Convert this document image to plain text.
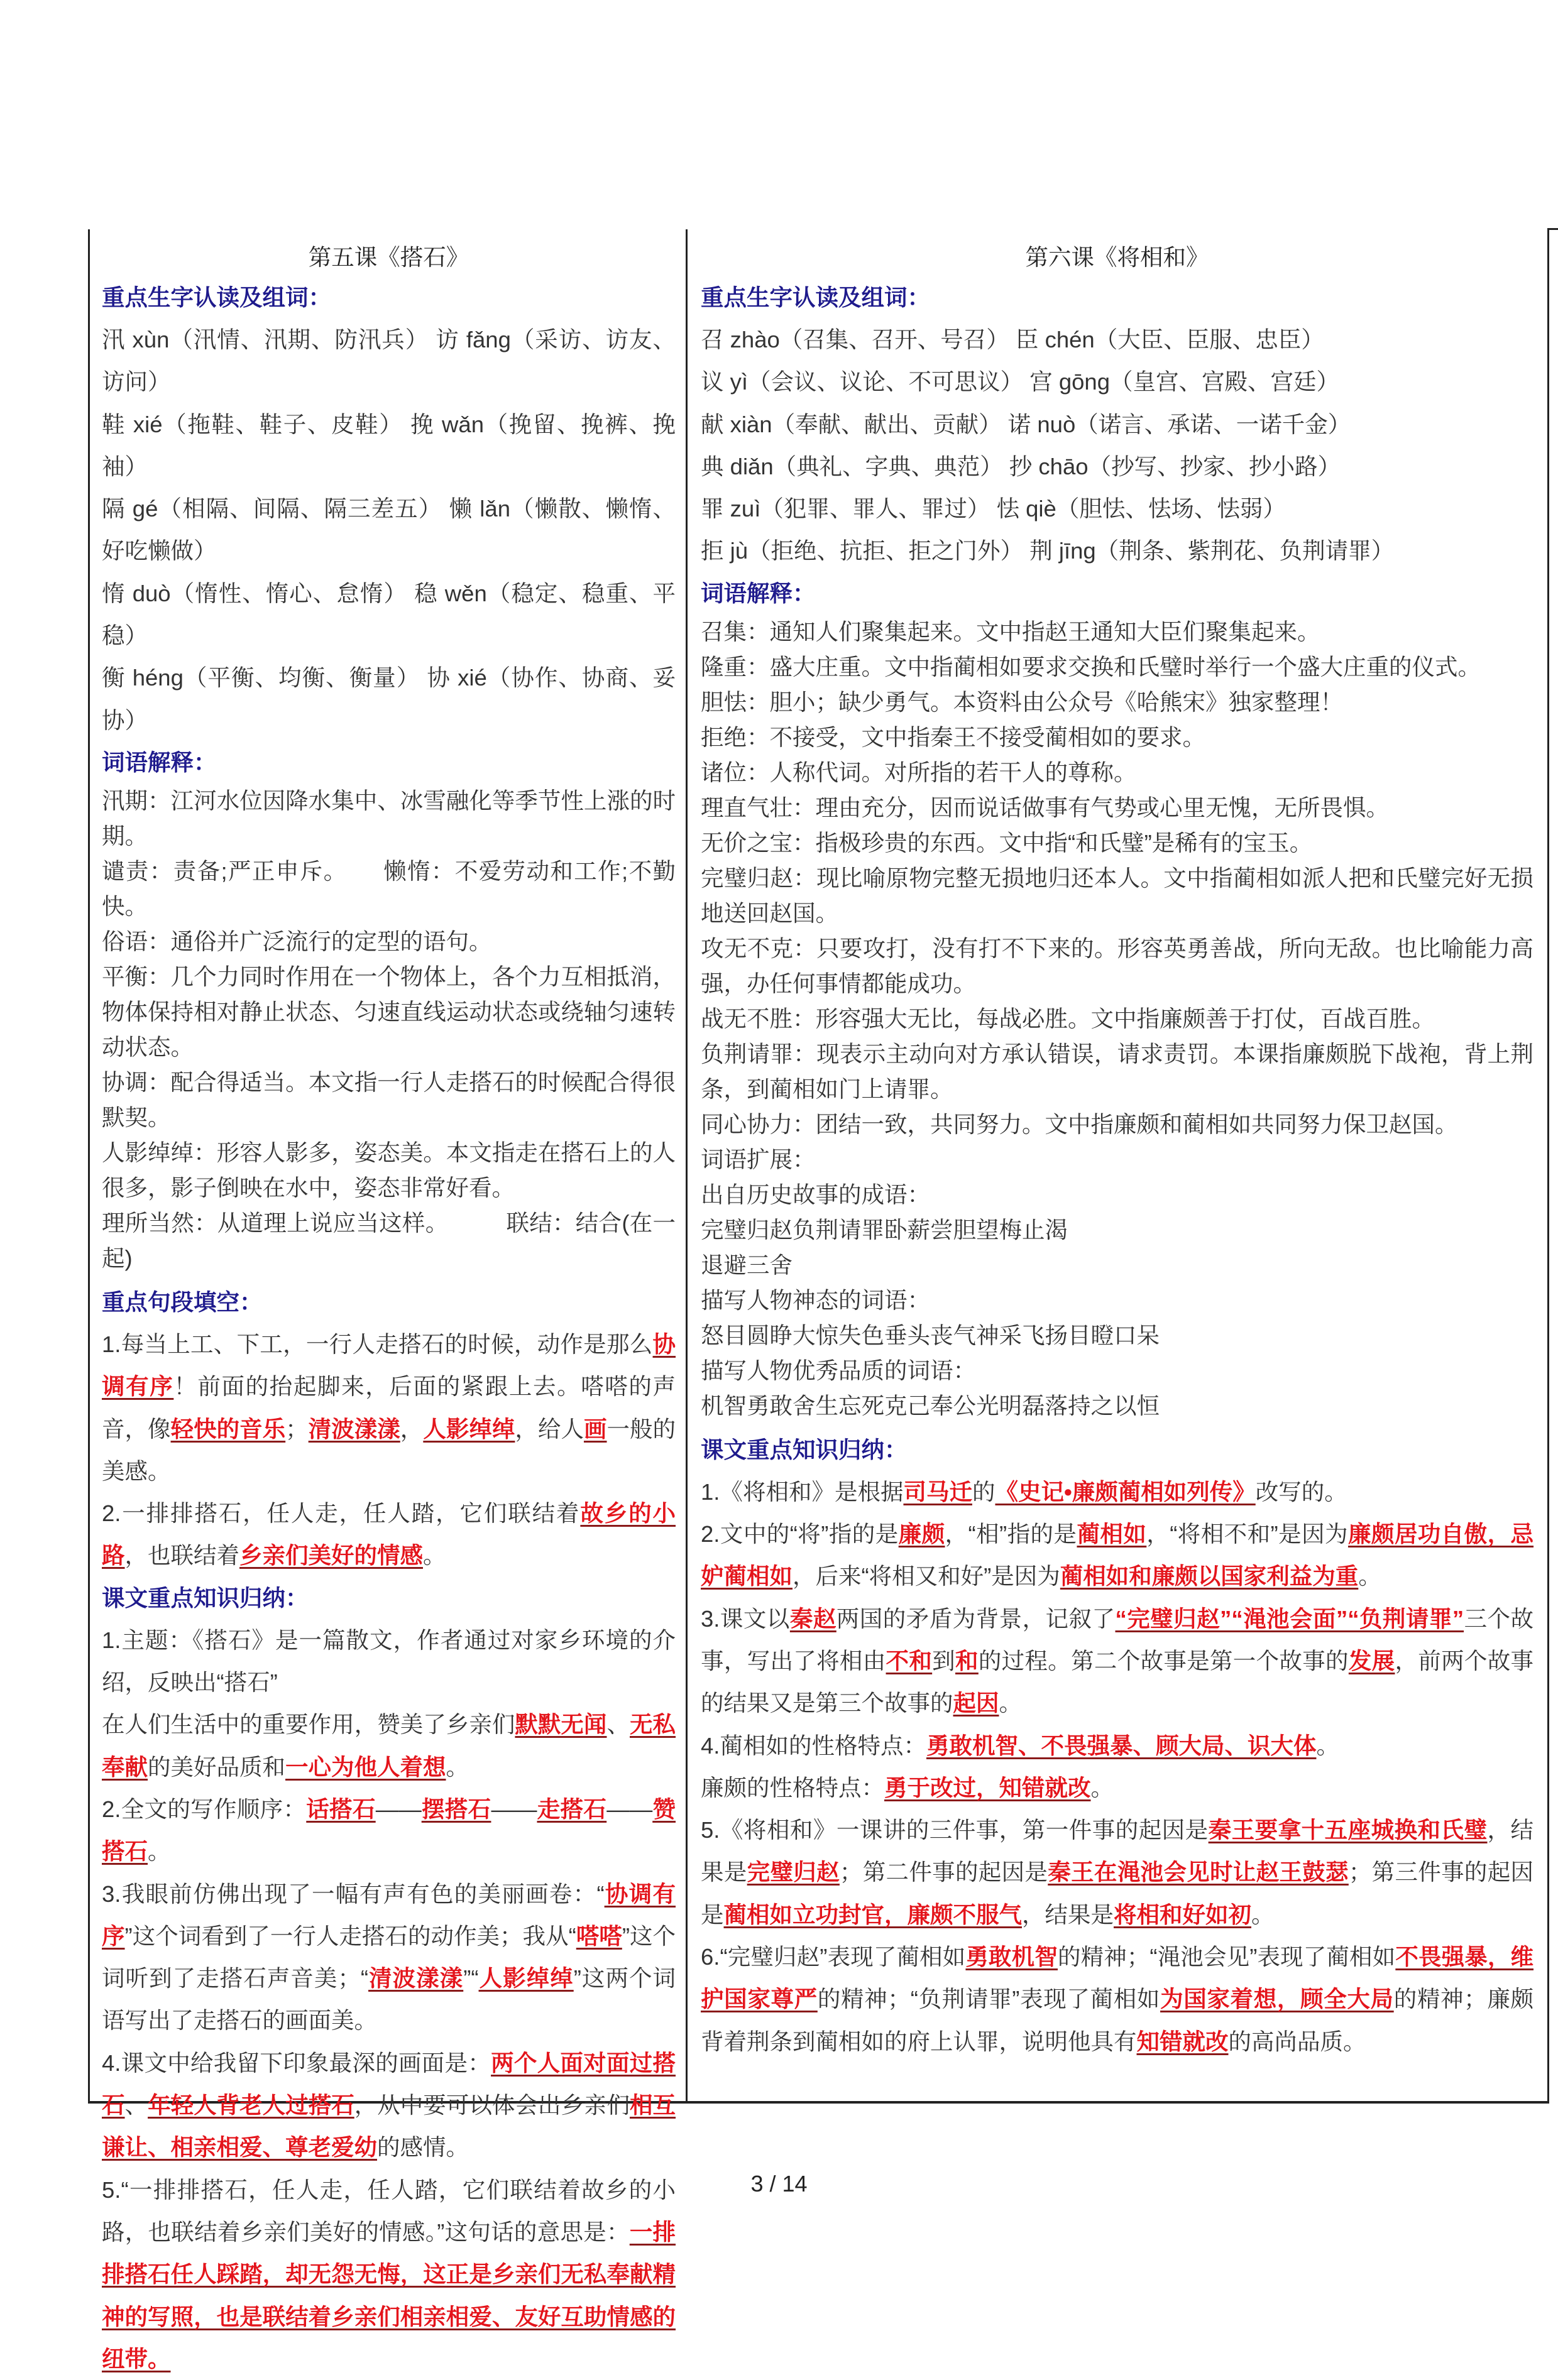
第五课《搭石》
重点生字认读及组词：
汛 xùn（汛情、汛期、防汛兵） 访 fǎng（采访、访友、访问）
鞋 xié（拖鞋、鞋子、皮鞋） 挽 wǎn（挽留、挽裤、挽袖）
隔 gé（相隔、间隔、隔三差五） 懒 lǎn（懒散、懒惰、好吃懒做）
惰 duò（惰性、惰心、怠惰） 稳 wěn（稳定、稳重、平稳）
衡 héng（平衡、均衡、衡量） 协 xié（协作、协商、妥协）
词语解释：
汛期：江河水位因降水集中、冰雪融化等季节性上涨的时期。
谴责：责备;严正申斥。　　懒惰：不爱劳动和工作;不勤快。
俗语：通俗并广泛流行的定型的语句。
平衡：几个力同时作用在一个物体上，各个力互相抵消，物体保持相对静止状态、匀速直线运动状态或绕轴匀速转动状态。
协调：配合得适当。本文指一行人走搭石的时候配合得很默契。
人影绰绰：形容人影多，姿态美。本文指走在搭石上的人很多，影子倒映在水中，姿态非常好看。
理所当然：从道理上说应当这样。　　　联结：结合(在一起)
重点句段填空：
1.每当上工、下工，一行人走搭石的时候，动作是那么协调有序！前面的抬起脚来，后面的紧跟上去。嗒嗒的声音，像轻快的音乐；清波漾漾，人影绰绰，给人画一般的美感。
2.一排排搭石，任人走，任人踏，它们联结着故乡的小路，也联结着乡亲们美好的情感。
课文重点知识归纳：
1.主题：《搭石》是一篇散文，作者通过对家乡环境的介绍，反映出“搭石”
在人们生活中的重要作用，赞美了乡亲们默默无闻、无私奉献的美好品质和一心为他人着想。
2.全文的写作顺序：话搭石——摆搭石——走搭石——赞搭石。
3.我眼前仿佛出现了一幅有声有色的美丽画卷：“协调有序”这个词看到了一行人走搭石的动作美；我从“嗒嗒”这个词听到了走搭石声音美；“清波漾漾”“人影绰绰”这两个词语写出了走搭石的画面美。
4.课文中给我留下印象最深的画面是：两个人面对面过搭石、年轻人背老人过搭石，从中要可以体会出乡亲们相互谦让、相亲相爱、尊老爱幼的感情。
5.“一排排搭石，任人走，任人踏，它们联结着故乡的小路，也联结着乡亲们美好的情感。”这句话的意思是：一排排搭石任人踩踏，却无怨无悔，这正是乡亲们无私奉献精神的写照，也是联结着乡亲们相亲相爱、友好互助情感的纽带。
第六课《将相和》
重点生字认读及组词：
召 zhào（召集、召开、号召） 臣 chén（大臣、臣服、忠臣）
议 yì（会议、议论、不可思议） 宫 gōng（皇宫、宫殿、宫廷）
献 xiàn（奉献、献出、贡献） 诺 nuò（诺言、承诺、一诺千金）
典 diǎn（典礼、字典、典范） 抄 chāo（抄写、抄家、抄小路）
罪 zuì（犯罪、罪人、罪过） 怯 qiè（胆怯、怯场、怯弱）
拒 jù（拒绝、抗拒、拒之门外） 荆 jīng（荆条、紫荆花、负荆请罪）
词语解释：
召集：通知人们聚集起来。文中指赵王通知大臣们聚集起来。
隆重：盛大庄重。文中指蔺相如要求交换和氏璧时举行一个盛大庄重的仪式。
胆怯：胆小；缺少勇气。本资料由公众号《哈熊宋》独家整理！
拒绝：不接受，文中指秦王不接受蔺相如的要求。
诸位：人称代词。对所指的若干人的尊称。
理直气壮：理由充分，因而说话做事有气势或心里无愧，无所畏惧。
无价之宝：指极珍贵的东西。文中指“和氏璧”是稀有的宝玉。
完璧归赵：现比喻原物完整无损地归还本人。文中指蔺相如派人把和氏璧完好无损地送回赵国。
攻无不克：只要攻打，没有打不下来的。形容英勇善战，所向无敌。也比喻能力高强，办任何事情都能成功。
战无不胜：形容强大无比，每战必胜。文中指廉颇善于打仗，百战百胜。
负荆请罪：现表示主动向对方承认错误，请求责罚。本课指廉颇脱下战袍，背上荆条，到蔺相如门上请罪。
同心协力：团结一致，共同努力。文中指廉颇和蔺相如共同努力保卫赵国。
词语扩展：
出自历史故事的成语：
完璧归赵负荆请罪卧薪尝胆望梅止渴
退避三舍
描写人物神态的词语：
怒目圆睁大惊失色垂头丧气神采飞扬目瞪口呆
描写人物优秀品质的词语：
机智勇敢舍生忘死克己奉公光明磊落持之以恒
课文重点知识归纳：
1.《将相和》是根据司马迁的《史记•廉颇蔺相如列传》改写的。
2.文中的“将”指的是廉颇，“相”指的是蔺相如，“将相不和”是因为廉颇居功自傲，忌妒蔺相如，后来“将相又和好”是因为蔺相如和廉颇以国家利益为重。
3.课文以秦赵两国的矛盾为背景，记叙了“完璧归赵”“渑池会面”“负荆请罪”三个故事，写出了将相由不和到和的过程。第二个故事是第一个故事的发展，前两个故事的结果又是第三个故事的起因。
4.蔺相如的性格特点：勇敢机智、不畏强暴、顾大局、识大体。
廉颇的性格特点：勇于改过，知错就改。
5.《将相和》一课讲的三件事，第一件事的起因是秦王要拿十五座城换和氏璧，结果是完璧归赵；第二件事的起因是秦王在渑池会见时让赵王鼓瑟；第三件事的起因是蔺相如立功封官，廉颇不服气，结果是将相和好如初。
6.“完璧归赵”表现了蔺相如勇敢机智的精神；“渑池会见”表现了蔺相如不畏强暴，维护国家尊严的精神；“负荆请罪”表现了蔺相如为国家着想，顾全大局的精神；廉颇背着荆条到蔺相如的府上认罪，说明他具有知错就改的高尚品质。
3 / 14
